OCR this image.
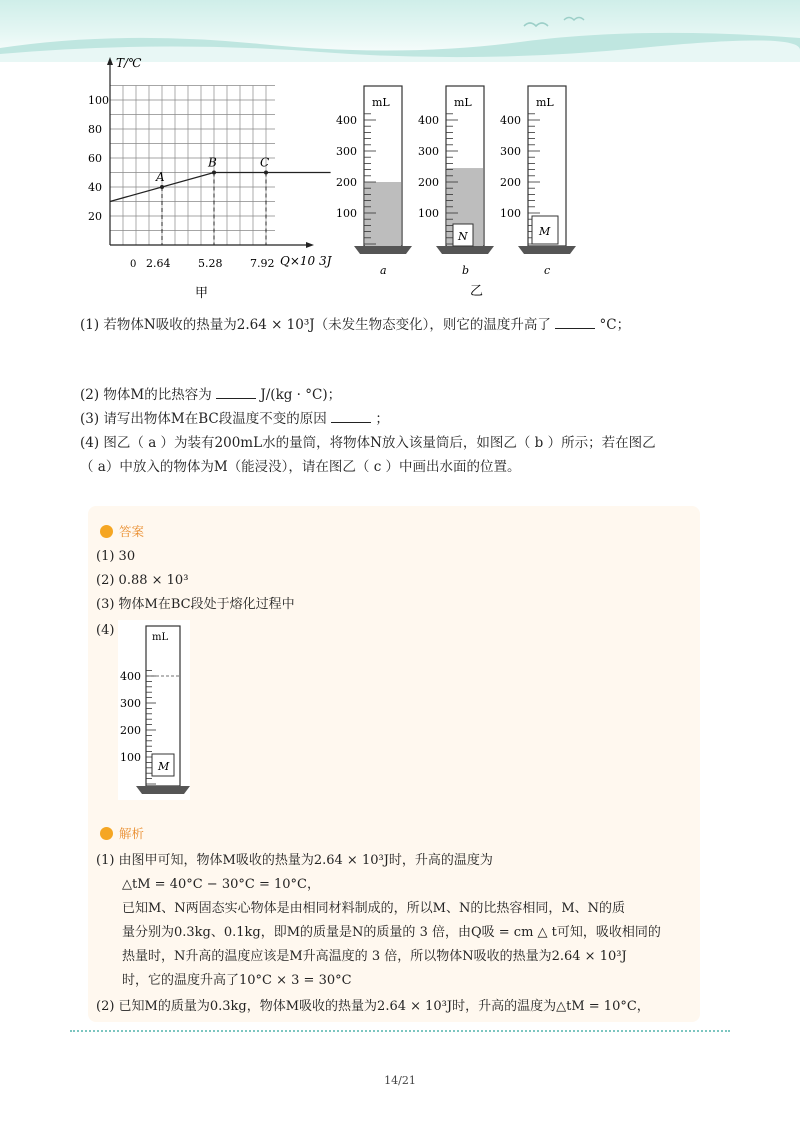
T/℃
Q×10 3J
20
40
60
80
100
2.64	5.28	7.92
A
B	C
0
甲
400
300
200
100
mL
a
400
300
200
100
mL
b
N
400
300
200
100
mL
c
M
乙
(1) 若物体N吸收的热量为2.64 × 10³J（未发生物态变化），则它的温度升高了	°C；
(2) 物体M的比热容为	J/(kg · °C)；
(3) 请写出物体M在BC段温度不变的原因	；
(4) 图乙（ a ）为装有200mL水的量筒，将物体N放入该量筒后，如图乙（ b ）所示；若在图乙
（ a）中放入的物体为M（能浸没），请在图乙（ c ）中画出水面的位置。
答案
(1) 30
(2) 0.88 × 10³
(3) 物体M在BC段处于熔化过程中
(4)
400
300
200
100
M
mL
解析
(1) 由图甲可知，物体M吸收的热量为2.64 × 10³J时，升高的温度为
△tM = 40°C − 30°C = 10°C，
已知M、N两固态实心物体是由相同材料制成的，所以M、N的比热容相同，M、N的质
量分别为0.3kg、0.1kg，即M的质量是N的质量的 3 倍，由Q吸 = cm △ t可知，吸收相同的
热量时，N升高的温度应该是M升高温度的 3 倍，所以物体N吸收的热量为2.64 × 10³J
时，它的温度升高了10°C × 3 = 30°C
(2) 已知M的质量为0.3kg，物体M吸收的热量为2.64 × 10³J时，升高的温度为△tM = 10°C，
14/21
